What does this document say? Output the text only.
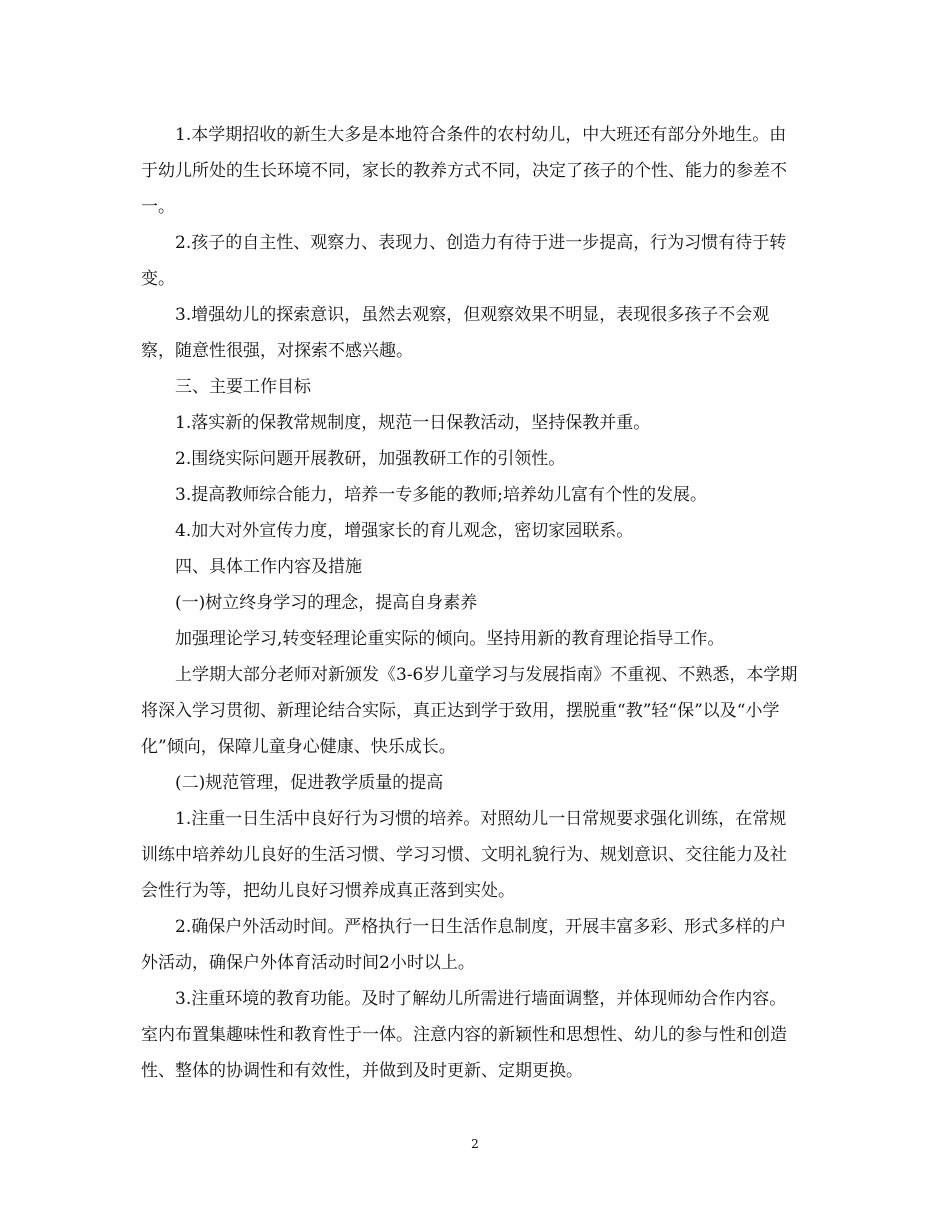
1.本学期招收的新生大多是本地符合条件的农村幼儿，中大班还有部分外地生。由于幼儿所处的生长环境不同，家长的教养方式不同，决定了孩子的个性、能力的参差不一。

2.孩子的自主性、观察力、表现力、创造力有待于进一步提高，行为习惯有待于转变。

3.增强幼儿的探索意识，虽然去观察，但观察效果不明显，表现很多孩子不会观察，随意性很强，对探索不感兴趣。

三、主要工作目标

1.落实新的保教常规制度，规范一日保教活动，坚持保教并重。

2.围绕实际问题开展教研，加强教研工作的引领性。

3.提高教师综合能力，培养一专多能的教师;培养幼儿富有个性的发展。

4.加大对外宣传力度，增强家长的育儿观念，密切家园联系。

四、具体工作内容及措施

(一)树立终身学习的理念，提高自身素养

加强理论学习,转变轻理论重实际的倾向。坚持用新的教育理论指导工作。

上学期大部分老师对新颁发《3-6岁儿童学习与发展指南》不重视、不熟悉，本学期将深入学习贯彻、新理论结合实际，真正达到学于致用，摆脱重“教”轻“保”以及“小学化”倾向，保障儿童身心健康、快乐成长。

(二)规范管理，促进教学质量的提高

1.注重一日生活中良好行为习惯的培养。对照幼儿一日常规要求强化训练，在常规训练中培养幼儿良好的生活习惯、学习习惯、文明礼貌行为、规划意识、交往能力及社会性行为等，把幼儿良好习惯养成真正落到实处。

2.确保户外活动时间。严格执行一日生活作息制度，开展丰富多彩、形式多样的户外活动，确保户外体育活动时间2小时以上。

3.注重环境的教育功能。及时了解幼儿所需进行墙面调整，并体现师幼合作内容。室内布置集趣味性和教育性于一体。注意内容的新颖性和思想性、幼儿的参与性和创造性、整体的协调性和有效性，并做到及时更新、定期更换。

2
